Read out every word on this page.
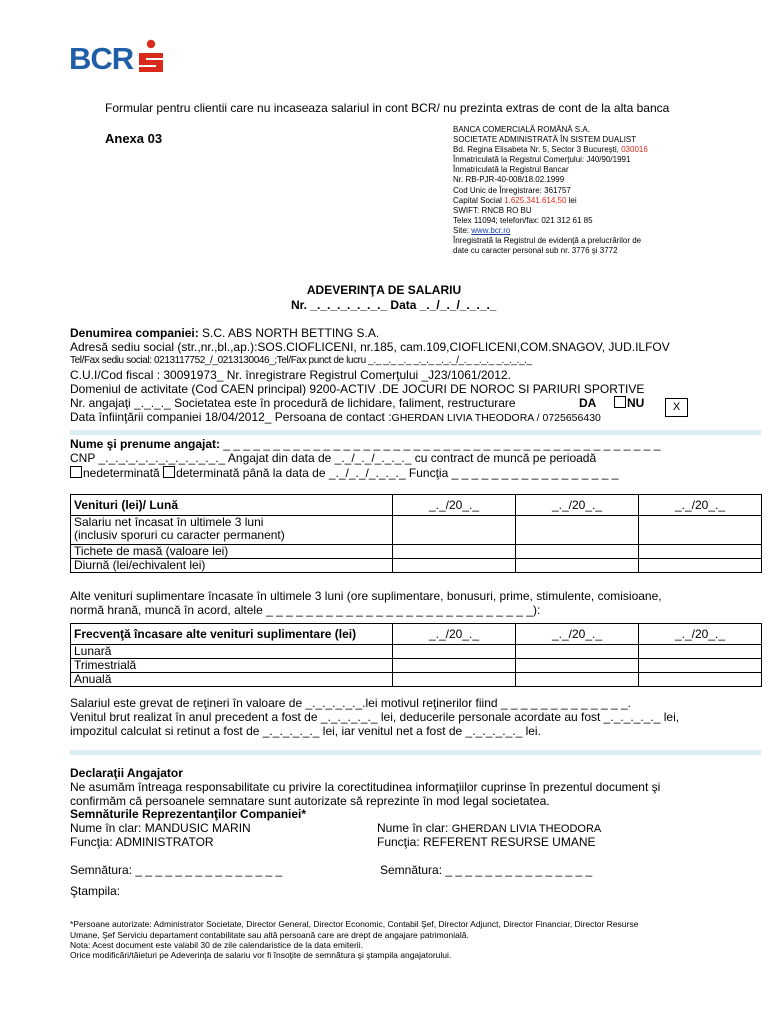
BCR
Formular pentru clientii care nu incaseaza salariul in cont BCR/ nu prezinta extras de cont de la alta banca
Anexa 03
BANCA COMERCIALĂ ROMÂNĂ S.A.
SOCIETATE ADMINISTRATĂ ÎN SISTEM DUALIST
Bd. Regina Elisabeta Nr. 5, Sector 3 Bucureşti, 030016
Înmatriculată la Registrul Comerţului: J40/90/1991
Înmatriculată la Registrul Bancar
Nr. RB-PJR-40-008/18.02.1999
Cod Unic de Înregistrare: 361757
Capital Social 1.625.341.614,50 lei
SWIFT: RNCB RO BU
Telex 11094; telefon/fax: 021 312 61 85
Site: www.bcr.ro
Înregistrată la Registrul de evidenţă a prelucrărilor de
date cu caracter personal sub nr. 3776 şi 3772
ADEVERINŢA DE SALARIU
Nr. _._._._._._._._ Data _._/_._/_._._._
Denumirea companiei: S.C. ABS NORTH BETTING S.A.
Adresă sediu social (str.,nr.,bl.,ap.):SOS.CIOFLICENI, nr.185, cam.109,CIOFLICENI,COM.SNAGOV, JUD.ILFOV
Tel/Fax sediu social: 0213117752_/_0213130046_;Tel/Fax punct de lucru _._ _._ _._ _._._ _._._/_._ _._._ _._._._._
C.U.I/Cod fiscal : 30091973_ Nr. înregistrare Registrul Comerţului _J23/1061/2012.
Domeniul de activitate (Cod CAEN principal) 9200-ACTIV .DE JOCURI DE NOROC SI PARIURI SPORTIVE
Nr. angajaţi _._._._ Societatea este în procedură de lichidare, faliment, restructurare	DA	NU	X
Data înfiinţării companiei 18/04/2012_ Persoana de contact :GHERDAN LIVIA THEODORA / 0725656430
Nume şi prenume angajat: _ _ _ _ _ _ _ _ _ _ _ _ _ _ _ _ _ _ _ _ _ _ _ _ _ _ _ _ _ _ _ _ _ _ _ _ _ _ _ _ _ _ _ _
CNP _._._._._._._._._._._._._ Angajat din data de _._/_._/_._._._ cu contract de muncă pe perioadă
nedeterminată determinată până la data de _._/_._/_._._._ Funcţia _ _ _ _ _ _ _ _ _ _ _ _ _ _ _ _ _
Venituri (lei)/ Lună	_._/20_._	_._/20_._	_._/20_._

Salariu net încasat în ultimele 3 luni
(inclusiv sporuri cu caracter permanent)			

Tichete de masă (valoare lei)			
Diurnă (lei/echivalent lei)			
Alte venituri suplimentare încasate în ultimele 3 luni (ore suplimentare, bonusuri, prime, stimulente, comisioane,
normă hrană, muncă în acord, altele _ _ _ _ _ _ _ _ _ _ _ _ _ _ _ _ _ _ _ _ _ _ _ _ _ _ _):
Frecvenţă încasare alte venituri suplimentare (lei)	_._/20_._	_._/20_._	_._/20_._
Lunară			
Trimestrială			
Anuală			
Salariul este grevat de reţineri în valoare de _._._._._._.lei motivul reţinerilor fiind _ _ _ _ _ _ _ _ _ _ _ _ _.
Venitul brut realizat în anul precedent a fost de _._._._._._ lei, deducerile personale acordate au fost _._._._._._ lei,
impozitul calculat si retinut a fost de _._._._._._ lei, iar venitul net a fost de _._._._._._ lei.
Declaraţii Angajator
Ne asumăm întreaga responsabilitate cu privire la corectitudinea informaţiilor cuprinse în prezentul document şi
confirmăm că persoanele semnatare sunt autorizate să reprezinte în mod legal societatea.
Semnăturile Reprezentanţilor Companiei*
Nume în clar: MANDUSIC MARIN
Funcţia: ADMINISTRATOR
Nume în clar: GHERDAN LIVIA THEODORA
Funcţia: REFERENT RESURSE UMANE
Semnătura: _ _ _ _ _ _ _ _ _ _ _ _ _ _ _	Semnătura: _ _ _ _ _ _ _ _ _ _ _ _ _ _ _
Ştampila:
*Persoane autorizate: Administrator Societate, Director General, Director Economic, Contabil Şef, Director Adjunct, Director Financiar, Director Resurse
Umane, Şef Serviciu departament contabilitate sau altă persoană care are drept de angajare patrimonială.
Nota: Acest document este valabil 30 de zile calendaristice de la data emiterii.
Orice modificări/tăieturi pe Adeverinţa de salariu vor fi însoţite de semnătura şi ştampila angajatorului.
